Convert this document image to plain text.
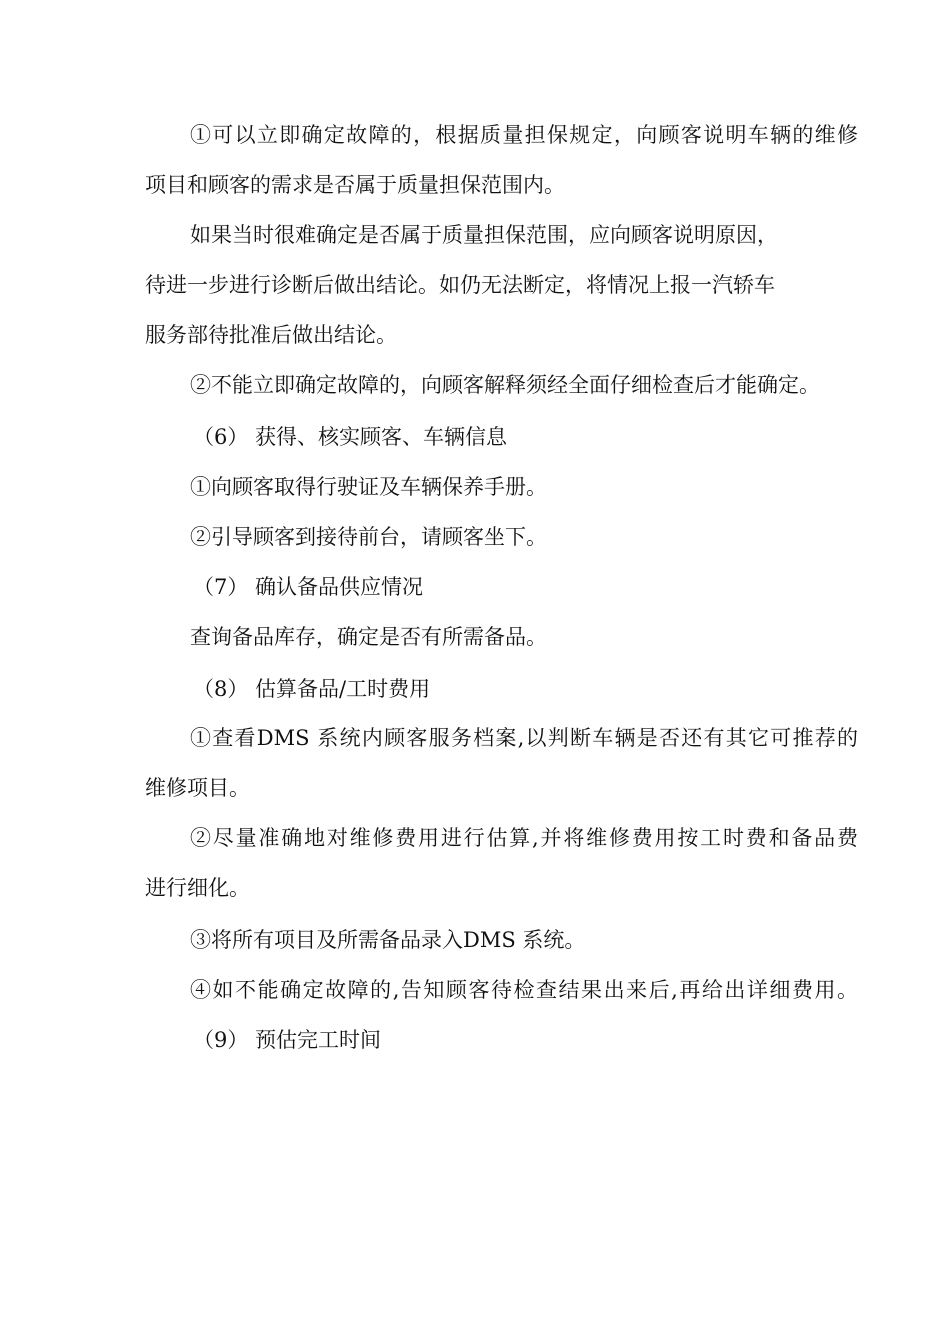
①可以立即确定故障的，根据质量担保规定，向顾客说明车辆的维修
项目和顾客的需求是否属于质量担保范围内。
如果当时很难确定是否属于质量担保范围，应向顾客说明原因，
待进一步进行诊断后做出结论。如仍无法断定，将情况上报一汽轿车
服务部待批准后做出结论。
②不能立即确定故障的，向顾客解释须经全面仔细检查后才能确定。
（6） 获得、核实顾客、车辆信息
①向顾客取得行驶证及车辆保养手册。
②引导顾客到接待前台，请顾客坐下。
（7） 确认备品供应情况
查询备品库存，确定是否有所需备品。
（8） 估算备品/工时费用
①查看DMS 系统内顾客服务档案,以判断车辆是否还有其它可推荐的
维修项目。
②尽量准确地对维修费用进行估算,并将维修费用按工时费和备品费
进行细化。
③将所有项目及所需备品录入DMS 系统。
④如不能确定故障的,告知顾客待检查结果出来后,再给出详细费用。
（9） 预估完工时间
